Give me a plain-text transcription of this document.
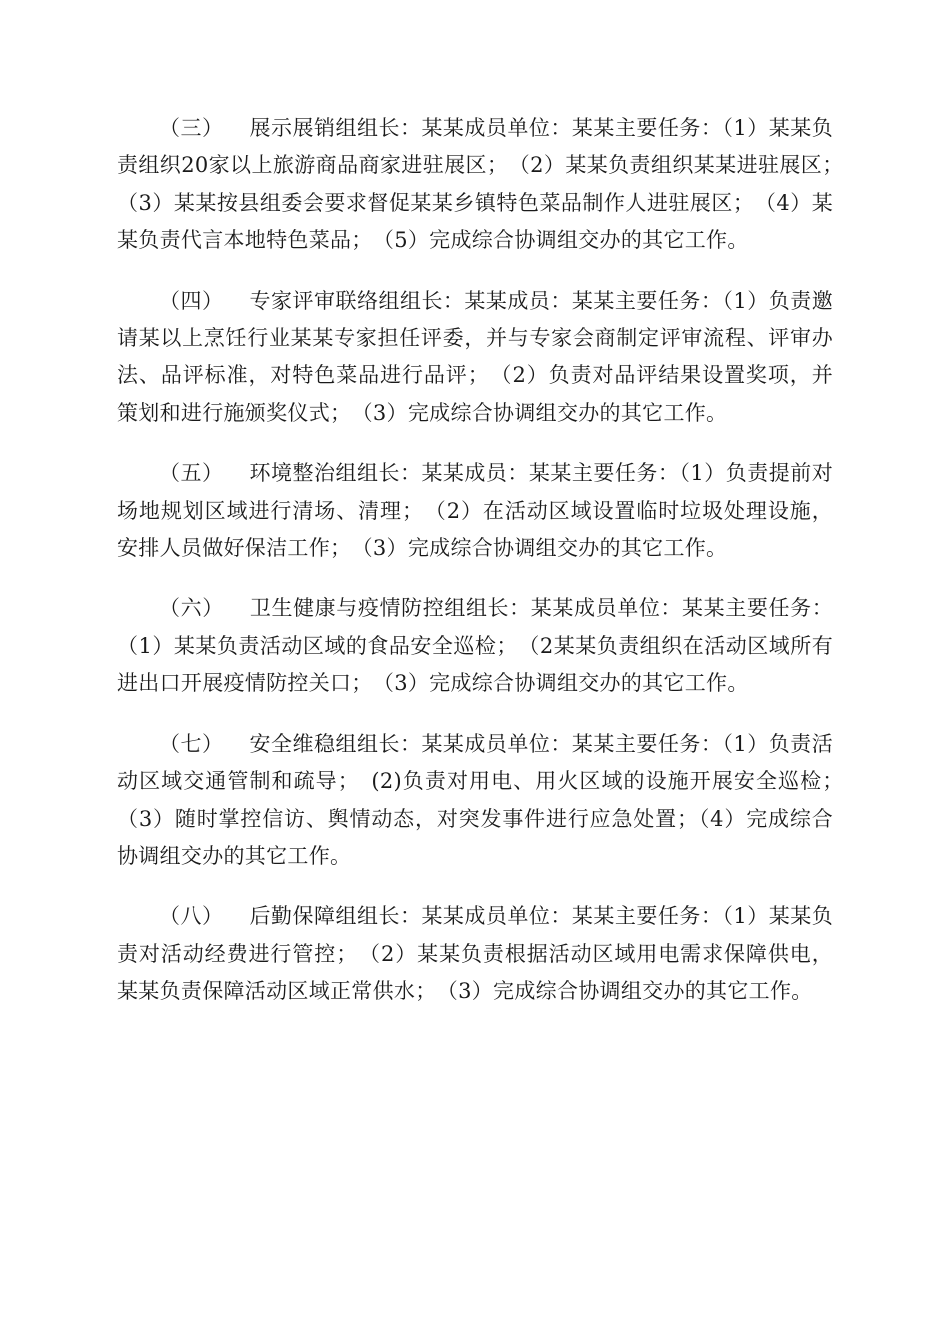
（三） 展示展销组组长：某某成员单位：某某主要任务：（1）某某负责组织20家以上旅游商品商家进驻展区；　（2）某某负责组织某某进驻展区；　（3）某某按县组委会要求督促某某乡镇特色菜品制作人进驻展区；　（4）某某负责代言本地特色菜品；　（5）完成综合协调组交办的其它工作。

（四） 专家评审联络组组长：某某成员：某某主要任务：（1）负责邀请某以上烹饪行业某某专家担任评委，并与专家会商制定评审流程、评审办法、品评标准，对特色菜品进行品评；　（2）负责对品评结果设置奖项，并策划和进行施颁奖仪式；　（3）完成综合协调组交办的其它工作。

（五） 环境整治组组长：某某成员：某某主要任务：（1）负责提前对场地规划区域进行清场、清理；　（2）在活动区域设置临时垃圾处理设施，安排人员做好保洁工作；　（3）完成综合协调组交办的其它工作。

（六） 卫生健康与疫情防控组组长：某某成员单位：某某主要任务：（1）某某负责活动区域的食品安全巡检；　（2某某负责组织在活动区域所有进出口开展疫情防控关口；　（3）完成综合协调组交办的其它工作。

（七） 安全维稳组组长：某某成员单位：某某主要任务：（1）负责活动区域交通管制和疏导；　(2)负责对用电、用火区域的设施开展安全巡检；　（3）随时掌控信访、舆情动态，对突发事件进行应急处置；（4）完成综合协调组交办的其它工作。

（八） 后勤保障组组长：某某成员单位：某某主要任务：（1）某某负责对活动经费进行管控；　（2）某某负责根据活动区域用电需求保障供电，某某负责保障活动区域正常供水；　（3）完成综合协调组交办的其它工作。
